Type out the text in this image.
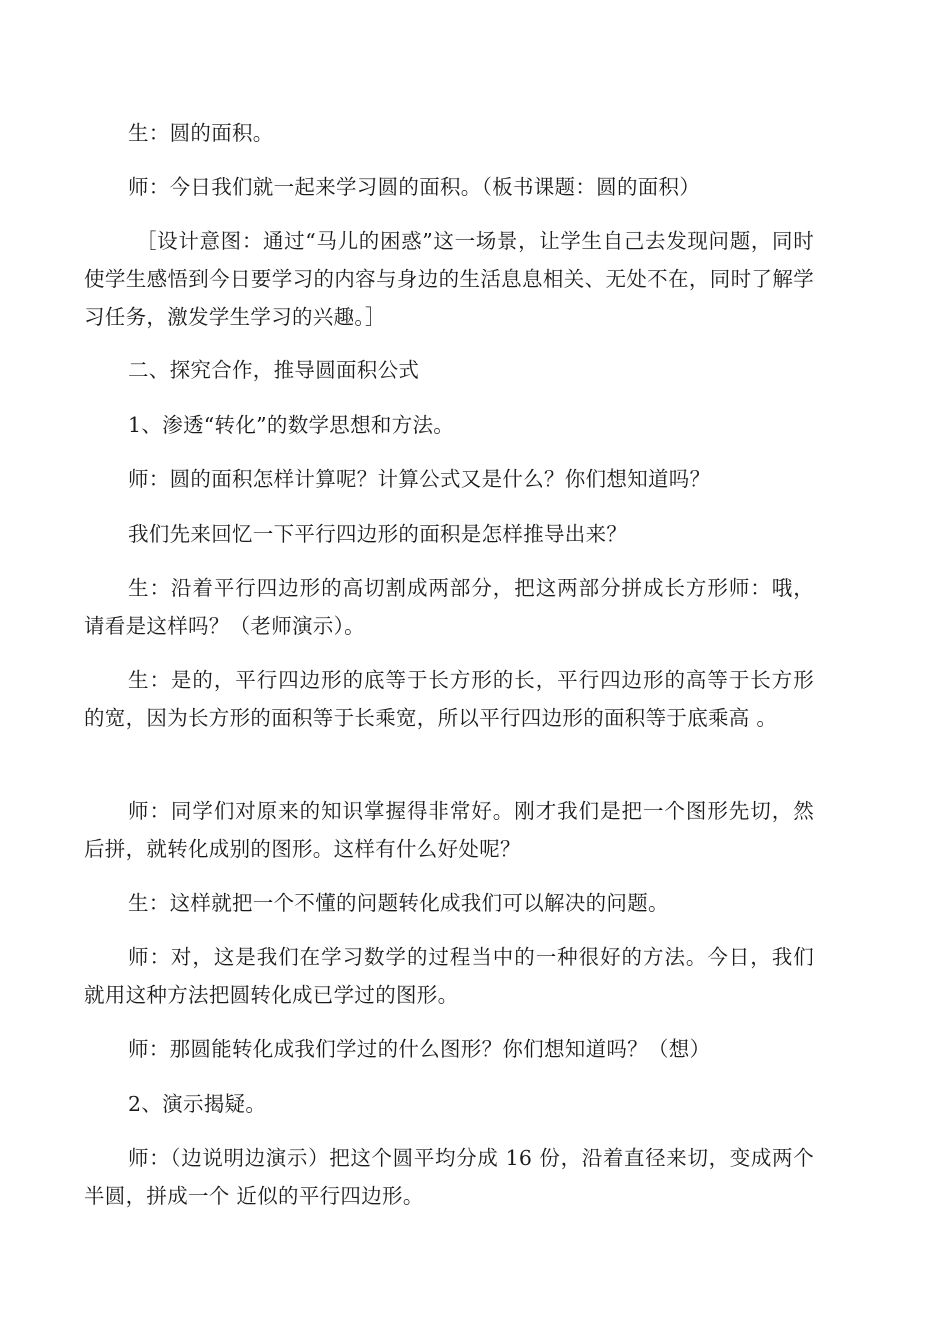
生：圆的面积。

师：今日我们就一起来学习圆的面积。（板书课题：圆的面积）

［设计意图：通过“马儿的困惑”这一场景，让学生自己去发现问题，同时使学生感悟到今日要学习的内容与身边的生活息息相关、无处不在，同时了解学习任务，激发学生学习的兴趣。］

二、探究合作，推导圆面积公式

1、渗透“转化”的数学思想和方法。

师：圆的面积怎样计算呢？计算公式又是什么？你们想知道吗？

我们先来回忆一下平行四边形的面积是怎样推导出来？

生：沿着平行四边形的高切割成两部分，把这两部分拼成长方形师：哦，请看是这样吗？（老师演示）。

生：是的，平行四边形的底等于长方形的长，平行四边形的高等于长方形的宽，因为长方形的面积等于长乘宽，所以平行四边形的面积等于底乘高 。

师：同学们对原来的知识掌握得非常好。刚才我们是把一个图形先切，然后拼，就转化成别的图形。这样有什么好处呢？

生：这样就把一个不懂的问题转化成我们可以解决的问题。

师：对，这是我们在学习数学的过程当中的一种很好的方法。今日，我们就用这种方法把圆转化成已学过的图形。

师：那圆能转化成我们学过的什么图形？你们想知道吗？（想）

2、演示揭疑。

师：（边说明边演示）把这个圆平均分成 16 份，沿着直径来切，变成两个半圆，拼成一个 近似的平行四边形。
